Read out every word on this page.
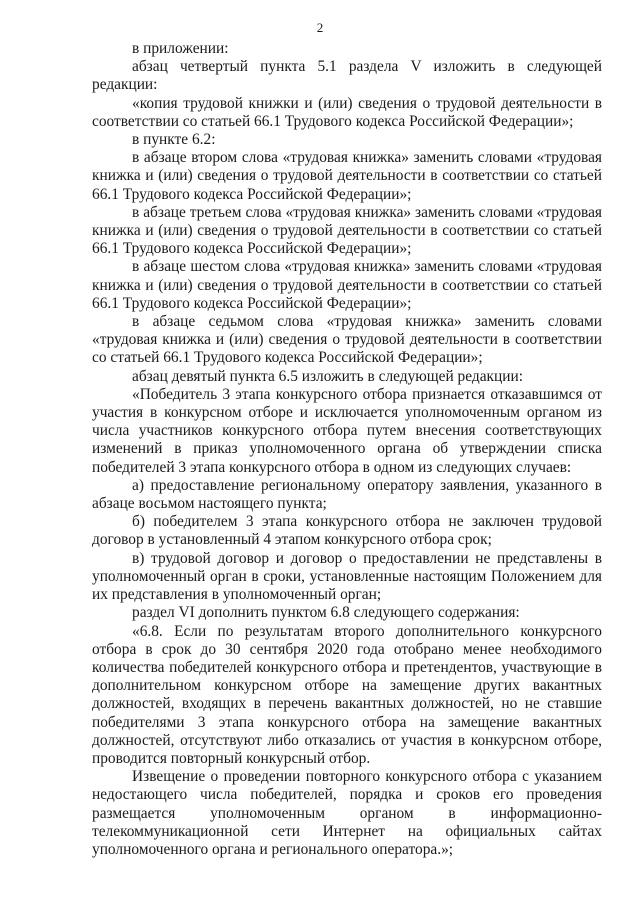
2

в приложении:

абзац четвертый пункта 5.1 раздела V изложить в следующей редакции:

«копия трудовой книжки и (или) сведения о трудовой деятельности в соответствии со статьей 66.1 Трудового кодекса Российской Федерации»;

в пункте 6.2:

в абзаце втором слова «трудовая книжка» заменить словами «трудовая книжка и (или) сведения о трудовой деятельности в соответствии со статьей 66.1 Трудового кодекса Российской Федерации»;

в абзаце третьем слова «трудовая книжка» заменить словами «трудовая книжка и (или) сведения о трудовой деятельности в соответствии со статьей 66.1 Трудового кодекса Российской Федерации»;

в абзаце шестом слова «трудовая книжка» заменить словами «трудовая книжка и (или) сведения о трудовой деятельности в соответствии со статьей 66.1 Трудового кодекса Российской Федерации»;

в абзаце седьмом слова «трудовая книжка» заменить словами «трудовая книжка и (или) сведения о трудовой деятельности в соответствии со статьей 66.1 Трудового кодекса Российской Федерации»;

абзац девятый пункта 6.5 изложить в следующей редакции:

«Победитель 3 этапа конкурсного отбора признается отказавшимся от участия в конкурсном отборе и исключается уполномоченным органом из числа участников конкурсного отбора путем внесения соответствующих изменений в приказ уполномоченного органа об утверждении списка победителей 3 этапа конкурсного отбора в одном из следующих случаев:

а) предоставление региональному оператору заявления, указанного в абзаце восьмом настоящего пункта;

б) победителем 3 этапа конкурсного отбора не заключен трудовой договор в установленный 4 этапом конкурсного отбора срок;

в) трудовой договор и договор о предоставлении не представлены в уполномоченный орган в сроки, установленные настоящим Положением для их представления в уполномоченный орган;

раздел VI дополнить пунктом 6.8 следующего содержания:

«6.8. Если по результатам второго дополнительного конкурсного отбора в срок до 30 сентября 2020 года отобрано менее необходимого количества победителей конкурсного отбора и претендентов, участвующие в дополнительном конкурсном отборе на замещение других вакантных должностей, входящих в перечень вакантных должностей, но не ставшие победителями 3 этапа конкурсного отбора на замещение вакантных должностей, отсутствуют либо отказались от участия в конкурсном отборе, проводится повторный конкурсный отбор.

Извещение о проведении повторного конкурсного отбора с указанием недостающего числа победителей, порядка и сроков его проведения размещается уполномоченным органом в информационно-телекоммуникационной сети Интернет на официальных сайтах уполномоченного органа и регионального оператора.»;
